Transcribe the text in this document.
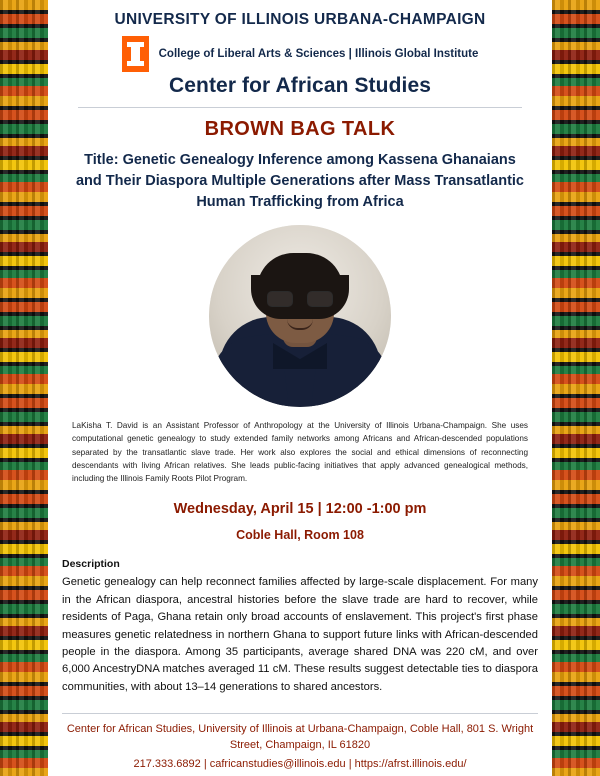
UNIVERSITY OF ILLINOIS URBANA-CHAMPAIGN
College of Liberal Arts & Sciences | Illinois Global Institute
Center for African Studies
BROWN BAG TALK
Title: Genetic Genealogy Inference among Kassena Ghanaians and Their Diaspora Multiple Generations after Mass Transatlantic Human Trafficking from Africa
LaKisha T. David is an Assistant Professor of Anthropology at the University of Illinois Urbana-Champaign. She uses computational genetic genealogy to study extended family networks among Africans and African-descended populations separated by the transatlantic slave trade. Her work also explores the social and ethical dimensions of reconnecting descendants with living African relatives. She leads public-facing initiatives that apply advanced genealogical methods, including the Illinois Family Roots Pilot Program.
Wednesday, April 15 | 12:00 -1:00 pm
Coble Hall, Room 108
Description
Genetic genealogy can help reconnect families affected by large-scale displacement. For many in the African diaspora, ancestral histories before the slave trade are hard to recover, while residents of Paga, Ghana retain only broad accounts of enslavement. This project's first phase measures genetic relatedness in northern Ghana to support future links with African-descended people in the diaspora. Among 35 participants, average shared DNA was 220 cM, and over 6,000 AncestryDNA matches averaged 11 cM. These results suggest detectable ties to diaspora communities, with about 13–14 generations to shared ancestors.
Center for African Studies, University of Illinois at Urbana-Champaign, Coble Hall, 801 S. Wright Street, Champaign, IL 61820
217.333.6892 | cafricanstudies@illinois.edu | https://afrst.illinois.edu/
